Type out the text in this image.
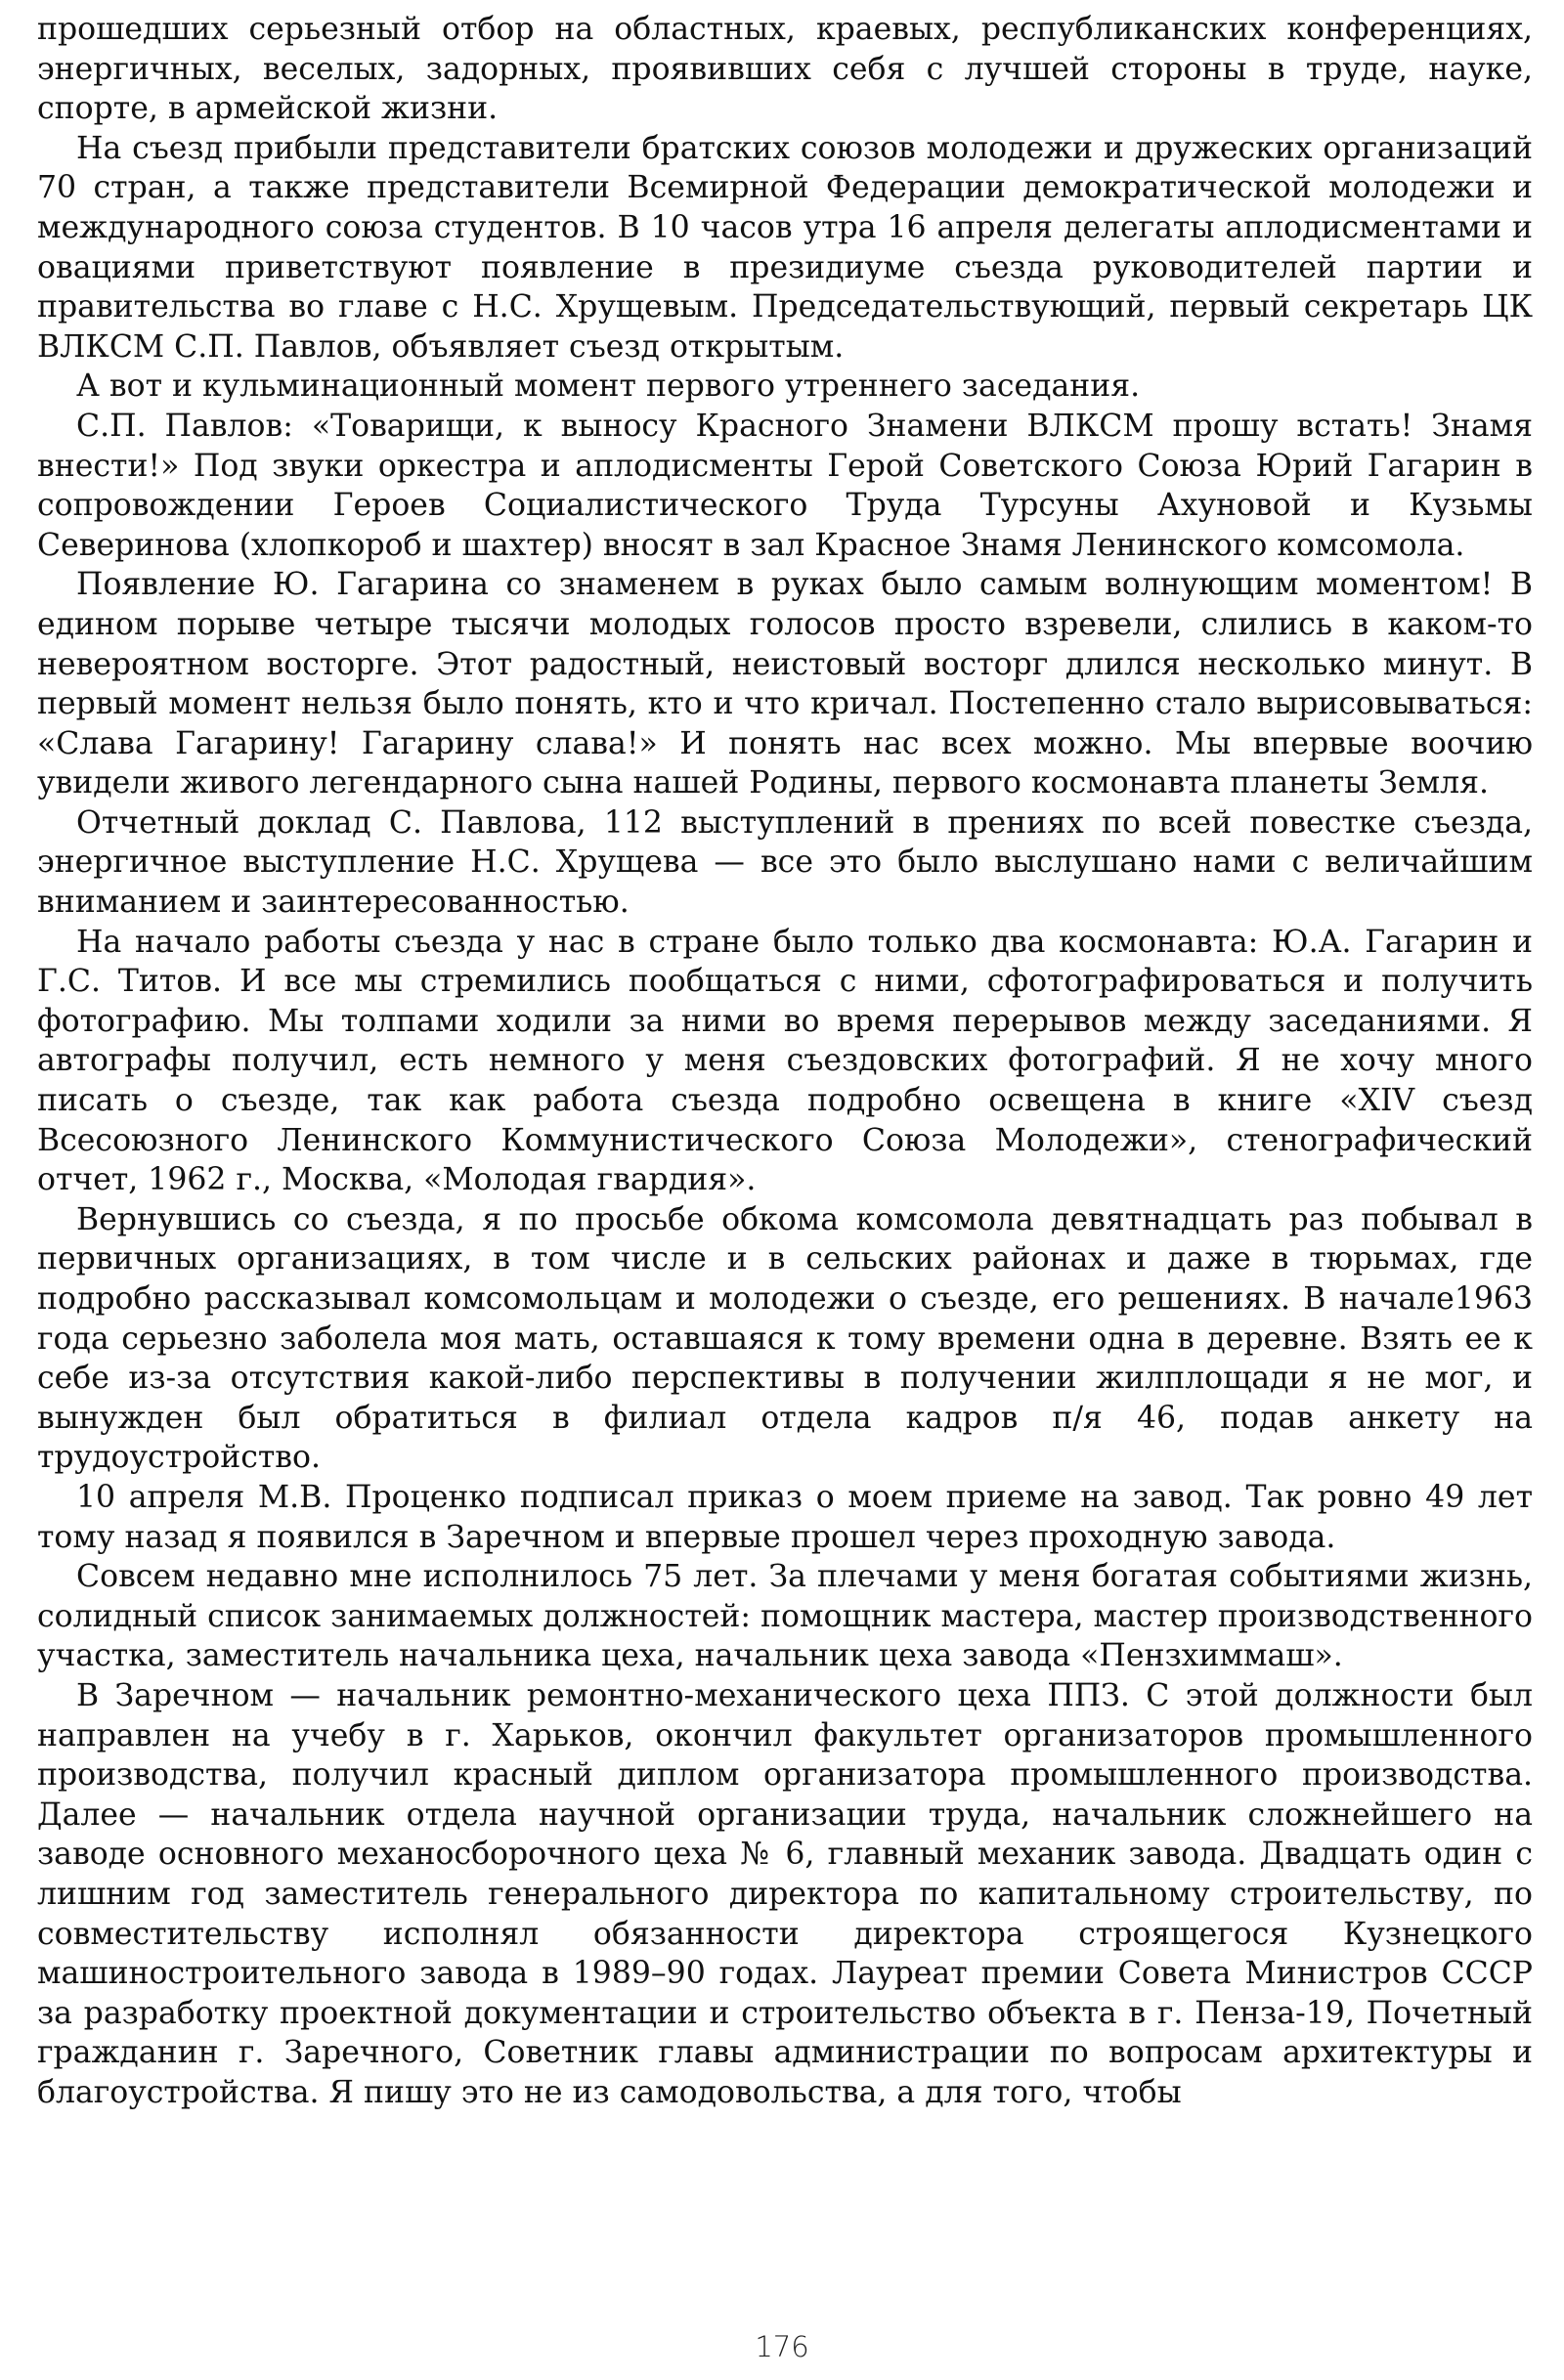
прошедших серьезный отбор на областных, краевых, республиканских конференциях, энергичных, веселых, задорных, проявивших себя с лучшей стороны в труде, науке, спорте, в армейской жизни.

На съезд прибыли представители братских союзов молодежи и дружеских организаций 70 стран, а также представители Всемирной Федерации демократической молодежи и международного союза студентов. В 10 часов утра 16 апреля делегаты аплодисментами и овациями приветствуют появление в президиуме съезда руководителей партии и правительства во главе с Н.С. Хрущевым. Председательствующий, первый секретарь ЦК ВЛКСМ С.П. Павлов, объявляет съезд открытым.

А вот и кульминационный момент первого утреннего заседания.

С.П. Павлов: «Товарищи, к выносу Красного Знамени ВЛКСМ прошу встать! Знамя внести!» Под звуки оркестра и аплодисменты Герой Советского Союза Юрий Гагарин в сопровождении Героев Социалистического Труда Турсуны Ахуновой и Кузьмы Северинова (хлопкороб и шахтер) вносят в зал Красное Знамя Ленинского комсомола.

Появление Ю. Гагарина со знаменем в руках было самым волнующим моментом! В едином порыве четыре тысячи молодых голосов просто взревели, слились в каком-то невероятном восторге. Этот радостный, неистовый восторг длился несколько минут. В первый момент нельзя было понять, кто и что кричал. Постепенно стало вырисовываться: «Слава Гагарину! Гагарину слава!» И понять нас всех можно. Мы впервые воочию увидели живого легендарного сына нашей Родины, первого космонавта планеты Земля.

Отчетный доклад С. Павлова, 112 выступлений в прениях по всей повестке съезда, энергичное выступление Н.С. Хрущева — все это было выслушано нами с величайшим вниманием и заинтересованностью.

На начало работы съезда у нас в стране было только два космонавта: Ю.А. Гагарин и Г.С. Титов. И все мы стремились пообщаться с ними, сфотографироваться и получить фотографию. Мы толпами ходили за ними во время перерывов между заседаниями. Я автографы получил, есть немного у меня съездовских фотографий. Я не хочу много писать о съезде, так как работа съезда подробно освещена в книге «XIV съезд Всесоюзного Ленинского Коммунистического Союза Молодежи», стенографический отчет, 1962 г., Москва, «Молодая гвардия».

Вернувшись со съезда, я по просьбе обкома комсомола девятнадцать раз побывал в первичных организациях, в том числе и в сельских районах и даже в тюрьмах, где подробно рассказывал комсомольцам и молодежи о съезде, его решениях. В начале1963 года серьезно заболела моя мать, оставшаяся к тому времени одна в деревне. Взять ее к себе из-за отсутствия какой-либо перспективы в получении жилплощади я не мог, и вынужден был обратиться в филиал отдела кадров п/я 46, подав анкету на трудоустройство.

10 апреля М.В. Проценко подписал приказ о моем приеме на завод. Так ровно 49 лет тому назад я появился в Заречном и впервые прошел через проходную завода.

Совсем недавно мне исполнилось 75 лет. За плечами у меня богатая событиями жизнь, солидный список занимаемых должностей: помощник мастера, мастер производственного участка, заместитель начальника цеха, начальник цеха завода «Пензхиммаш».

В Заречном — начальник ремонтно-механического цеха ППЗ. С этой должности был направлен на учебу в г. Харьков, окончил факультет организаторов промышленного производства, получил красный диплом организатора промышленного производства. Далее — начальник отдела научной организации труда, начальник сложнейшего на заводе основного механосборочного цеха № 6, главный механик завода. Двадцать один с лишним год заместитель генерального директора по капитальному строительству, по совместительству исполнял обязанности директора строящегося Кузнецкого машиностроительного завода в 1989–90 годах. Лауреат премии Совета Министров СССР за разработку проектной документации и строительство объекта в г. Пенза-19, Почетный гражданин г. Заречного, Советник главы администрации по вопросам архитектуры и благоустройства. Я пишу это не из самодовольства, а для того, чтобы

176
